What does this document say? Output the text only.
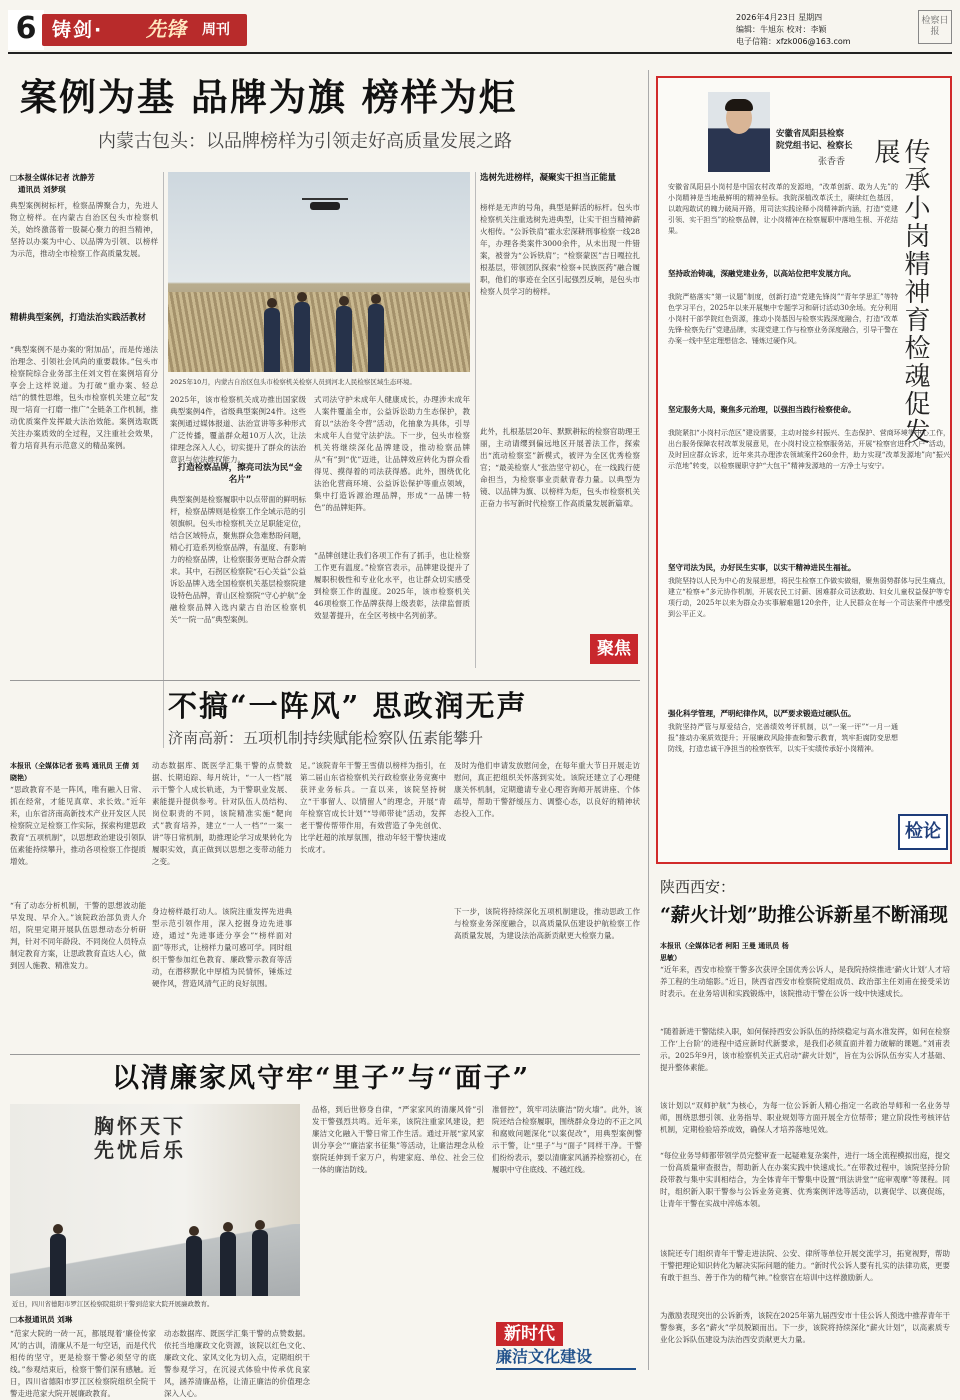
6 铸剑· 先锋 周刊
2026年4月23日 星期四
编辑：牛旭东 校对：李颖
电子信箱：xfzk006@163.com
检察日报
案例为基 品牌为旗 榜样为炬
内蒙古包头：以品牌榜样为引领走好高质量发展之路
□本报全媒体记者 沈静芳
通讯员 刘梦琪
典型案例树标杆，检察品牌聚合力，先进人物立榜样。在内蒙古自治区包头市检察机关，始终激荡着一股凝心聚力的担当精神，坚持以办案为中心、以品牌为引领、以榜样为示范，推动全市检察工作高质量发展。
精耕典型案例，打造法治实践活教材
“典型案例不是办案的‘附加品’，而是传递法治理念、引领社会风尚的重要载体。”包头市检察院综合业务部主任刘文哲在案例培育分享会上这样说道。为打破“重办案、轻总结”的惯性思维，包头市检察机关建立起“发现一培育一打磨一推广”全链条工作机制，推动优质案件发挥最大法治效能。案例选取既关注办案质效的全过程，又注重社会效果，着力培育具有示范意义的精品案例。
2025年10月，内蒙古自治区包头市检察机关检察人员到河北人民检察区域生态环境。
2025年，该市检察机关成功推出国家级典型案例4件，省级典型案例24件。这些案例通过媒体报道、法治宣讲等多种形式广泛传播，覆盖群众超10万人次，让法律理念深入人心，切实提升了群众的法治意识与依法维权能力。
打造检察品牌，擦亮司法为民“金名片”
典型案例是检察履职中以点带面的鲜明标杆，检察品牌则是检察工作全域示范的引领旗帜。包头市检察机关立足职能定位，结合区域特点，聚焦群众急难愁盼问题，精心打造系列检察品牌，有温度、有影响力的检察品牌，让检察服务更贴合群众需求。其中，石拐区检察院“石心关益”公益诉讼品牌入选全国检察机关基层检察院建设特色品牌，青山区检察院“守心护航”金融检察品牌入选内蒙古自治区检察机关“一院一品”典型案例。
式司法守护未成年人健康成长，办理涉未成年人案件覆盖全市，公益诉讼助力生态保护，教育以“法治冬令营”活动，化抽象为具体，引导未成年人自觉守法护法。下一步，包头市检察机关将继续深化品牌建设，推动检察品牌从“有”到“优”迈进，让品牌效应转化为群众看得见、摸得着的司法获得感。此外，围绕优化法治化营商环境、公益诉讼保护等重点领域，集中打造诉源治理品牌，形成“一品牌一特色”的品牌矩阵。
“品牌创建让我们各项工作有了抓手，也让检察工作更有温度。”检察官表示，品牌建设提升了履职积极性和专业化水平，也让群众切实感受到检察工作的温度。2025年，该市检察机关46项检察工作品牌获得上级表彰，法律监督质效显著提升，在全区考核中名列前茅。
选树先进榜样，凝聚实干担当正能量
榜样是无声的号角，典型是鲜活的标杆。包头市检察机关注重选树先进典型，让实干担当精神薪火相传。“公诉铁肩”霍永宏深耕刑事检察一线28年，办理各类案件3000余件，从未出现一件错案，被誉为“公诉铁肩”；“检察蒙医”吉日嘎拉扎根基层，带领团队探索“检察+民族医药”融合履职，他们的事迹在全区引起强烈反响，是包头市检察人员学习的榜样。
此外，扎根基层20年、默默耕耘的检察官助理王丽，主动请缨到偏远地区开展普法工作，探索出“流动检察室”新模式，被评为全区优秀检察官；“最美检察人”张浩坚守初心，在一线践行使命担当，为检察事业贡献青春力量。以典型为镜、以品牌为旗、以榜样为炬，包头市检察机关正奋力书写新时代检察工作高质量发展新篇章。
聚焦
安徽省凤阳县检察
院党组书记、检察长
张香香	传承小岗精神育检魂促发展
安徽省凤阳县小岗村是中国农村改革的发源地，“改革创新、敢为人先”的小岗精神是当地最鲜明的精神坐标。我院深植改革沃土，赓续红色基因，以敢闯敢试的魄力破局开路，用司法实践诠释小岗精神新内涵，打造“党建引领、实干担当”的检察品牌，让小岗精神在检察履职中落地生根、开花结果。
坚持政治铸魂，深融党建业务，以高站位把牢发展方向。
我院严格落实“第一议题”制度，创新打造“党建先锋岗”“青年学思汇”等特色学习平台，2025年以来开展集中专题学习和研讨活动30余场。充分利用小岗村干部学院红色资源，推动小岗基因与检察实践深度融合，打造“改革先锋·检察先行”党建品牌，实现党建工作与检察业务深度融合，引导干警在办案一线中坚定理想信念、锤炼过硬作风。
坚定服务大局，聚焦多元治理，以强担当践行检察使命。
我院紧扣“小岗村示范区”建设需要，主动对接乡村振兴、生态保护、营商环境等中心工作，出台服务保障农村改革发展意见，在小岗村设立检察服务站，开展“检察官进村入户”活动，及时回应群众诉求，近年来共办理涉农领域案件260余件，助力实现“改革发源地”向“振兴示范地”转变，以检察履职守护“大包干”精神发源地的一方净土与安宁。
坚守司法为民，办好民生实事，以实干精神进民生福祉。
我院坚持以人民为中心的发展思想，将民生检察工作做实做细，聚焦弱势群体与民生痛点，建立“检察+”多元协作机制，开展农民工讨薪、困难群众司法救助、妇女儿童权益保护等专项行动，2025年以来为群众办实事解难题120余件，让人民群众在每一个司法案件中感受到公平正义。
强化科学管理，严明纪律作风，以严要求锻造过硬队伍。
我院坚持严管与厚爱结合，完善绩效考评机制，以“一案一评”“一月一通报”推动办案质效提升；开展廉政风险排查和警示教育，筑牢拒腐防变思想防线，打造忠诚干净担当的检察铁军，以实干实绩传承好小岗精神。
检论
不搞“一阵风” 思政润无声
济南高新：五项机制持续赋能检察队伍素能攀升
本报讯（全媒体记者 张鸣 通讯员 王倩 刘晓艳）
“思政教育不是一阵风，唯有融入日常、抓在经常，才能见真章、求长效。”近年来，山东省济南高新技术产业开发区人民检察院立足检察工作实际，探索构建思政教育“五项机制”，以思想政治建设引领队伍素能持续攀升，推动各项检察工作提质增效。
“有了动态分析机制，干警的思想波动能早发现、早介入。”该院政治部负责人介绍，院里定期开展队伍思想动态分析研判，针对不同年龄段、不同岗位人员特点制定教育方案，让思政教育直达人心，做到因人施教、精准发力。
动态数据库、既医学汇集干警的点赞数据、长期追踪、每月统计，“一人一档”展示干警个人成长轨迹，为干警职业发展、素能提升提供参考。针对队伍人员结构、岗位职责的不同，该院精准实施“靶向式”教育培养，建立“一人一档”“一案一讲”等日常机制，助推理论学习成果转化为履职实效，真正做到以思想之变带动能力之变。
身边榜样最打动人。该院注重发挥先进典型示范引领作用，深入挖掘身边先进事迹，通过“先进事迹分享会”“榜样面对面”等形式，让榜样力量可感可学。同时组织干警参加红色教育、廉政警示教育等活动，在潜移默化中厚植为民情怀，锤炼过硬作风，营造风清气正的良好氛围。
足。”该院青年干警王雪倩以榜样为指引，在第二届山东省检察机关行政检察业务竞赛中获评业务标兵。一直以来，该院坚持树立“干事留人、以情留人”的理念，开展“青年检察官成长计划”“导师带徒”活动，发挥老干警传帮带作用，有效营造了争先创优、比学赶超的浓厚氛围，推动年轻干警快速成长成才。
及时为他们申请发放慰问金，在每年重大节日开展走访慰问，真正把组织关怀落到实处。该院还建立了心理健康关怀机制，定期邀请专业心理咨询师开展讲座、个体疏导，帮助干警舒缓压力、调整心态，以良好的精神状态投入工作。
下一步，该院将持续深化五项机制建设，推动思政工作与检察业务深度融合，以高质量队伍建设护航检察工作高质量发展，为建设法治高新贡献更大检察力量。
以清廉家风守牢“里子”与“面子”
胸怀天下先忧后乐
近日，四川省德阳市罗江区检察院组织干警到范家大院开展廉政教育。
□本报通讯员 刘琳
“范家大院的一砖一瓦，都展现着‘廉俭传家风’的古训，清廉从不是一句空话，而是代代相传的坚守，更是检察干警必须坚守的底线。”参观结束后，检察干警们深有感触。近日，四川省德阳市罗江区检察院组织全院干警走进范家大院开展廉政教育。
动态数据库、既医学汇集干警的点赞数据。依托当地廉政文化资源，该院以红色文化、廉政文化、家风文化为切入点，定期组织干警参观学习，在沉浸式体验中传承优良家风，涵养清廉品格，让清正廉洁的价值理念深入人心。
品格，到后世修身自律，“严家家风的清廉风骨”引发干警强烈共鸣。近年来，该院注重家风建设，把廉洁文化融入干警日常工作生活。通过开展“家风家训分享会”“廉洁家书征集”等活动，让廉洁理念从检察院延伸到千家万户，构建家庭、单位、社会三位一体的廉洁防线。
准督控”，筑牢司法廉洁“防火墙”。此外，该院还结合检察履职，围绕群众身边的不正之风和腐败问题深化“以案促改”，用典型案例警示干警，让“里子”与“面子”同样干净。干警们纷纷表示，要以清廉家风涵养检察初心，在履职中守住底线、不越红线。
新时代
廉洁文化建设
陕西西安：
“薪火计划”助推公诉新星不断涌现
本报讯（全媒体记者 柯阳 王曼 通讯员 杨思敏）
“近年来，西安市检察干警多次获评全国优秀公诉人，是我院持续推进‘薪火计划’人才培养工程的生动缩影。”近日，陕西省西安市检察院党组成员、政治部主任刘甫在接受采访时表示。在业务培训和实践锻炼中，该院推动干警在公诉一线中快速成长。
“随着新进干警陆续入职，如何保持西安公诉队伍的持续稳定与高水准发挥，如何在检察工作‘上台阶’的进程中适应新时代新要求，是我们必须直面并着力破解的课题。”刘甫表示。2025年9月，该市检察机关正式启动“薪火计划”，旨在为公诉队伍夯实人才基础、提升整体素能。
该计划以“双师护航”为核心，为每一位公诉新人精心指定一名政治导师和一名业务导师，围绕思想引领、业务指导、职业规划等方面开展全方位帮带；建立阶段性考核评估机制，定期检验培养成效，确保人才培养落地见效。
“每位业务导师都带领学员完整审查一起疑难复杂案件，进行一场全流程模拟出庭，提交一份高质量审查报告，帮助新人在办案实践中快速成长。”在带教过程中，该院坚持分阶段带教与集中实训相结合，为全体青年干警集中设置“刑法讲堂”“庭审观摩”等课程。同时，组织新入职干警参与公诉业务竞赛、优秀案例评选等活动，以赛促学、以赛促练，让青年干警在实战中淬炼本领。
该院还专门组织青年干警走进法院、公安、律所等单位开展交流学习，拓宽视野，帮助干警把理论知识转化为解决实际问题的能力。“新时代公诉人要有扎实的法律功底，更要有敢于担当、善于作为的精气神。”检察官在培训中这样激励新人。
为激励表现突出的公诉新秀，该院在2025年第九届西安市十佳公诉人预选中推荐青年干警参赛，多名“薪火”学员脱颖而出。下一步，该院将持续深化“薪火计划”，以高素质专业化公诉队伍建设为法治西安贡献更大力量。
